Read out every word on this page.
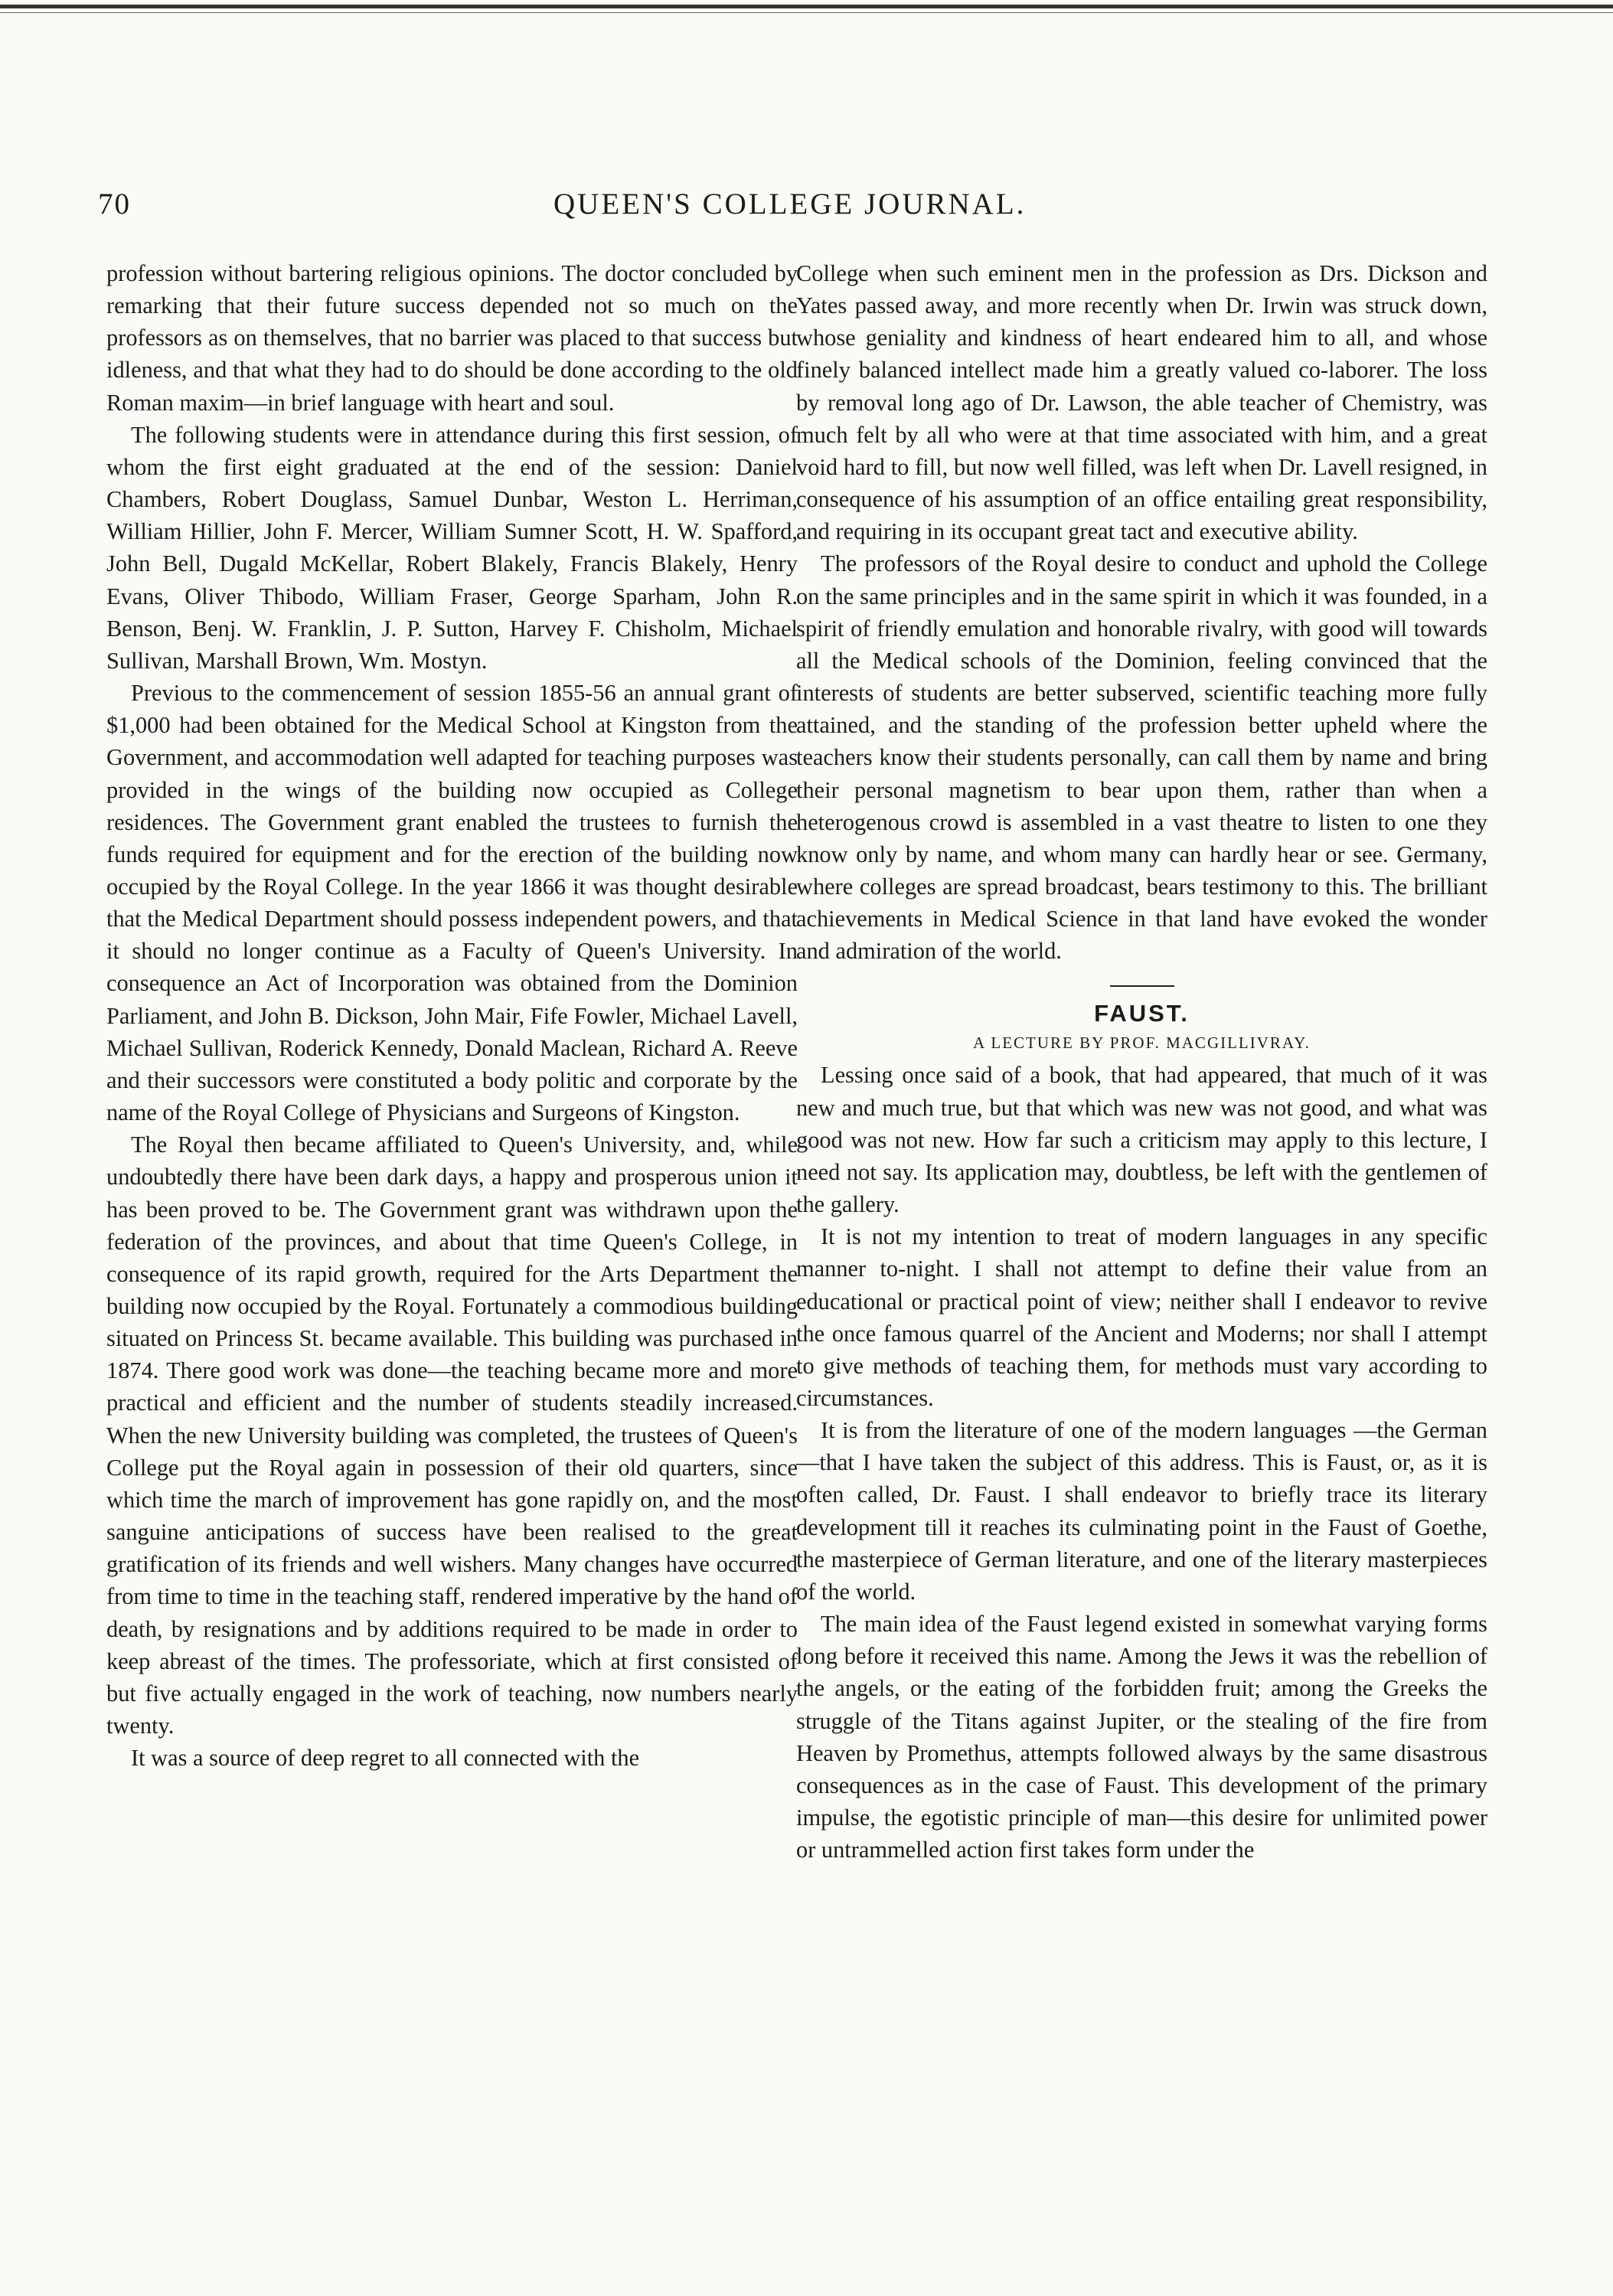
70	QUEEN'S COLLEGE JOURNAL.

profession without bartering religious opinions. The doctor concluded by remarking that their future success depended not so much on the professors as on themselves, that no barrier was placed to that success but idleness, and that what they had to do should be done according to the old Roman maxim—in brief language with heart and soul.

The following students were in attendance during this first session, of whom the first eight graduated at the end of the session: Daniel Chambers, Robert Douglass, Samuel Dunbar, Weston L. Herriman, William Hillier, John F. Mercer, William Sumner Scott, H. W. Spafford, John Bell, Dugald McKellar, Robert Blakely, Francis Blakely, Henry Evans, Oliver Thibodo, William Fraser, George Sparham, John R. Benson, Benj. W. Franklin, J. P. Sutton, Harvey F. Chisholm, Michael Sullivan, Marshall Brown, Wm. Mostyn.

Previous to the commencement of session 1855-56 an annual grant of $1,000 had been obtained for the Medical School at Kingston from the Government, and accommodation well adapted for teaching purposes was provided in the wings of the building now occupied as College residences. The Government grant enabled the trustees to furnish the funds required for equipment and for the erection of the building now occupied by the Royal College. In the year 1866 it was thought desirable that the Medical Department should possess independent powers, and that it should no longer continue as a Faculty of Queen's University. In consequence an Act of Incorporation was obtained from the Dominion Parliament, and John B. Dickson, John Mair, Fife Fowler, Michael Lavell, Michael Sullivan, Roderick Kennedy, Donald Maclean, Richard A. Reeve and their successors were constituted a body politic and corporate by the name of the Royal College of Physicians and Surgeons of Kingston.

The Royal then became affiliated to Queen's University, and, while undoubtedly there have been dark days, a happy and prosperous union it has been proved to be. The Government grant was withdrawn upon the federation of the provinces, and about that time Queen's College, in consequence of its rapid growth, required for the Arts Department the building now occupied by the Royal. Fortunately a commodious building situated on Princess St. became available. This building was purchased in 1874. There good work was done—the teaching became more and more practical and efficient and the number of students steadily increased. When the new University building was completed, the trustees of Queen's College put the Royal again in possession of their old quarters, since which time the march of improvement has gone rapidly on, and the most sanguine anticipations of success have been realised to the great gratification of its friends and well wishers. Many changes have occurred from time to time in the teaching staff, rendered imperative by the hand of death, by resignations and by additions required to be made in order to keep abreast of the times. The professoriate, which at first consisted of but five actually engaged in the work of teaching, now numbers nearly twenty.

It was a source of deep regret to all connected with the

College when such eminent men in the profession as Drs. Dickson and Yates passed away, and more recently when Dr. Irwin was struck down, whose geniality and kindness of heart endeared him to all, and whose finely balanced intellect made him a greatly valued co-laborer. The loss by removal long ago of Dr. Lawson, the able teacher of Chemistry, was much felt by all who were at that time associated with him, and a great void hard to fill, but now well filled, was left when Dr. Lavell resigned, in consequence of his assumption of an office entailing great responsibility, and requiring in its occupant great tact and executive ability.

The professors of the Royal desire to conduct and uphold the College on the same principles and in the same spirit in which it was founded, in a spirit of friendly emulation and honorable rivalry, with good will towards all the Medical schools of the Dominion, feeling convinced that the interests of students are better subserved, scientific teaching more fully attained, and the standing of the profession better upheld where the teachers know their students personally, can call them by name and bring their personal magnetism to bear upon them, rather than when a heterogenous crowd is assembled in a vast theatre to listen to one they know only by name, and whom many can hardly hear or see. Germany, where colleges are spread broadcast, bears testimony to this. The brilliant achievements in Medical Science in that land have evoked the wonder and admiration of the world.

FAUST.

A LECTURE BY PROF. MACGILLIVRAY.

Lessing once said of a book, that had appeared, that much of it was new and much true, but that which was new was not good, and what was good was not new. How far such a criticism may apply to this lecture, I need not say. Its application may, doubtless, be left with the gentlemen of the gallery.

It is not my intention to treat of modern languages in any specific manner to-night. I shall not attempt to define their value from an educational or practical point of view; neither shall I endeavor to revive the once famous quarrel of the Ancient and Moderns; nor shall I attempt to give methods of teaching them, for methods must vary according to circumstances.

It is from the literature of one of the modern languages —the German—that I have taken the subject of this address. This is Faust, or, as it is often called, Dr. Faust. I shall endeavor to briefly trace its literary development till it reaches its culminating point in the Faust of Goethe, the masterpiece of German literature, and one of the literary masterpieces of the world.

The main idea of the Faust legend existed in somewhat varying forms long before it received this name. Among the Jews it was the rebellion of the angels, or the eating of the forbidden fruit; among the Greeks the struggle of the Titans against Jupiter, or the stealing of the fire from Heaven by Promethus, attempts followed always by the same disastrous consequences as in the case of Faust. This development of the primary impulse, the egotistic principle of man—this desire for unlimited power or untrammelled action first takes form under the
